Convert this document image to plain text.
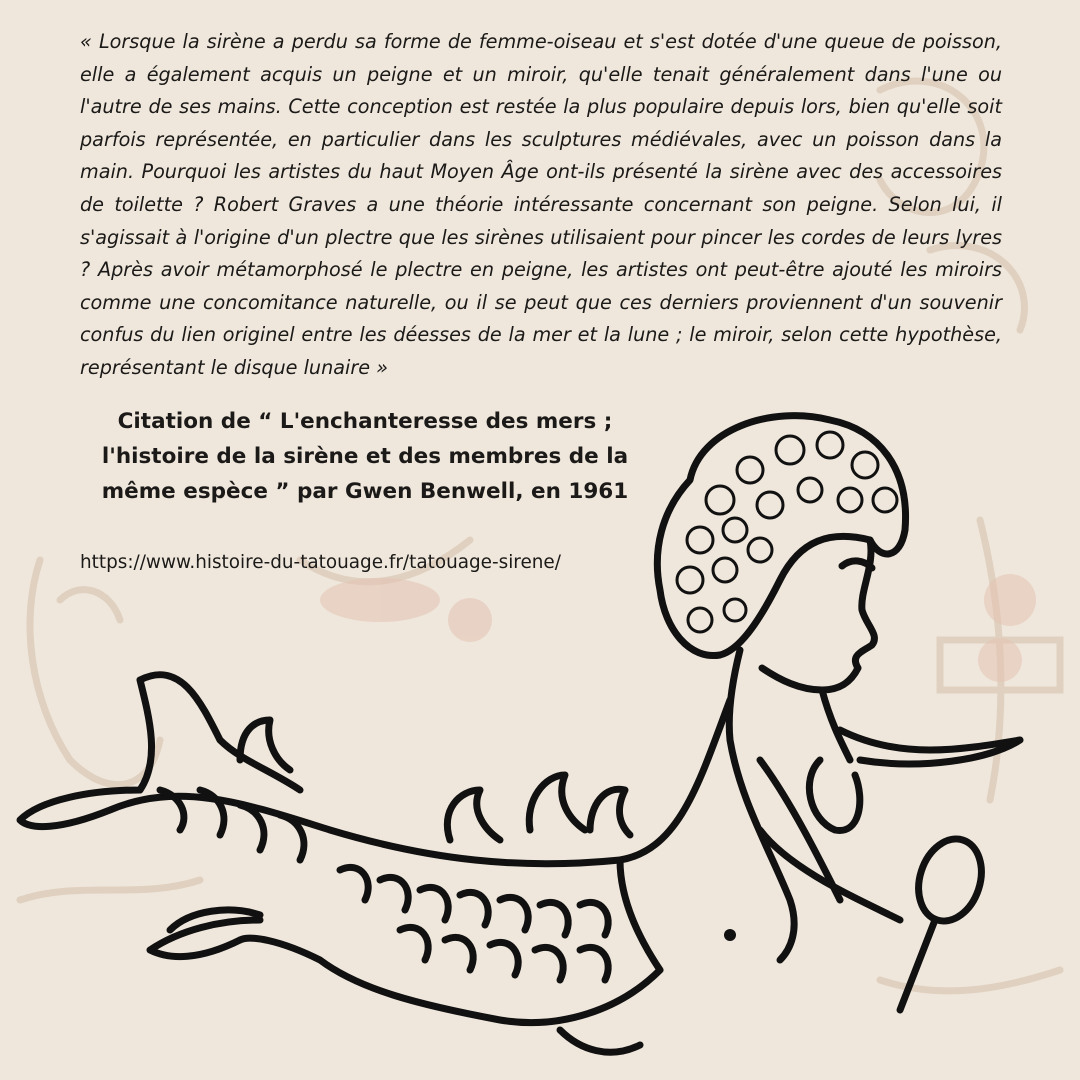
« Lorsque la sirène a perdu sa forme de femme-oiseau et s'est dotée d'une queue de poisson, elle a également acquis un peigne et un miroir, qu'elle tenait généralement dans l'une ou l'autre de ses mains. Cette conception est restée la plus populaire depuis lors, bien qu'elle soit parfois représentée, en particulier dans les sculptures médiévales, avec un poisson dans la main. Pourquoi les artistes du haut Moyen Âge ont-ils présenté la sirène avec des accessoires de toilette ? Robert Graves a une théorie intéressante concernant son peigne. Selon lui, il s'agissait à l'origine d'un plectre que les sirènes utilisaient pour pincer les cordes de leurs lyres ? Après avoir métamorphosé le plectre en peigne, les artistes ont peut-être ajouté les miroirs comme une concomitance naturelle, ou il se peut que ces derniers proviennent d'un souvenir confus du lien originel entre les déesses de la mer et la lune ; le miroir, selon cette hypothèse, représentant le disque lunaire »

Citation de “ L'enchanteresse des mers ; l'histoire de la sirène et des membres de la même espèce ” par Gwen Benwell, en 1961

https://www.histoire-du-tatouage.fr/tatouage-sirene/
